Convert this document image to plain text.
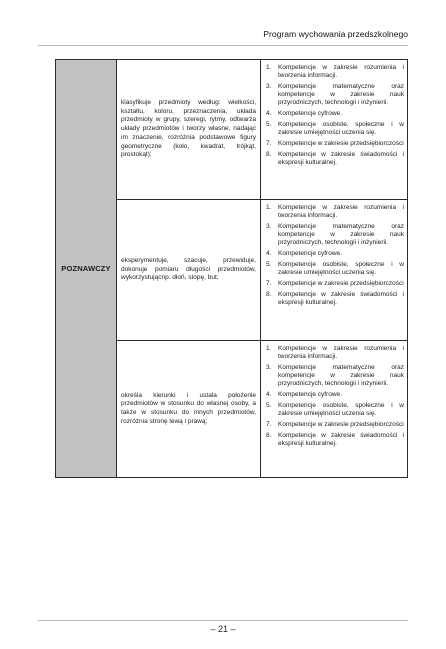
Program wychowania przedszkolnego
POZNAWCZY

klasyfikuje przedmioty według: wielkości, kształtu, koloru, przeznaczenia, układa przedmioty w grupy, szeregi, rytmy, odtwarza układy przedmiotów i tworzy własne, nadając im znaczenie, rozróżnia podstawowe figury geometryczne (koło, kwadrat, trójkąt, prostokąt);

1.	Kompetencje w zakresie rozumienia i tworzenia informacji.
3.	Kompetencje matematyczne oraz kompetencje w zakresie nauk przyrodniczych, technologii i inżynierii.
4.	Kompetencje cyfrowe.
5.	Kompetencje osobiste, społeczne i w zakresie umiejętności uczenia się.
7.	Kompetencje w zakresie przedsiębiorczości
8.	Kompetencje w zakresie świadomości i ekspresji kulturalnej.

eksperymentuje, szacuje, przewiduje, dokonuje pomiaru długości przedmiotów, wykorzystującnp. dłoń, stopę, but;

1.	Kompetencje w zakresie rozumienia i tworzenia informacji.
3.	Kompetencje matematyczne oraz kompetencje w zakresie nauk przyrodniczych, technologii i inżynierii.
4.	Kompetencje cyfrowe.
5.	Kompetencje osobiste, społeczne i w zakresie umiejętności uczenia się.
7.	Kompetencje w zakresie przedsiębiorczości
8.	Kompetencje w zakresie świadomości i ekspresji kulturalnej.

określa kierunki i ustala położenie przedmiotów w stosunku do własnej osoby, a także w stosunku do innych przedmiotów, rozróżnia stronę lewą i prawą;

1.	Kompetencje w zakresie rozumienia i tworzenia informacji.
3.	Kompetencje matematyczne oraz kompetencje w zakresie nauk przyrodniczych, technologii i inżynierii.
4.	Kompetencje cyfrowe.
5.	Kompetencje osobiste, społeczne i w zakresie umiejętności uczenia się.
7.	Kompetencje w zakresie przedsiębiorczości
8.	Kompetencje w zakresie świadomości i ekspresji kulturalnej.
– 21 –
